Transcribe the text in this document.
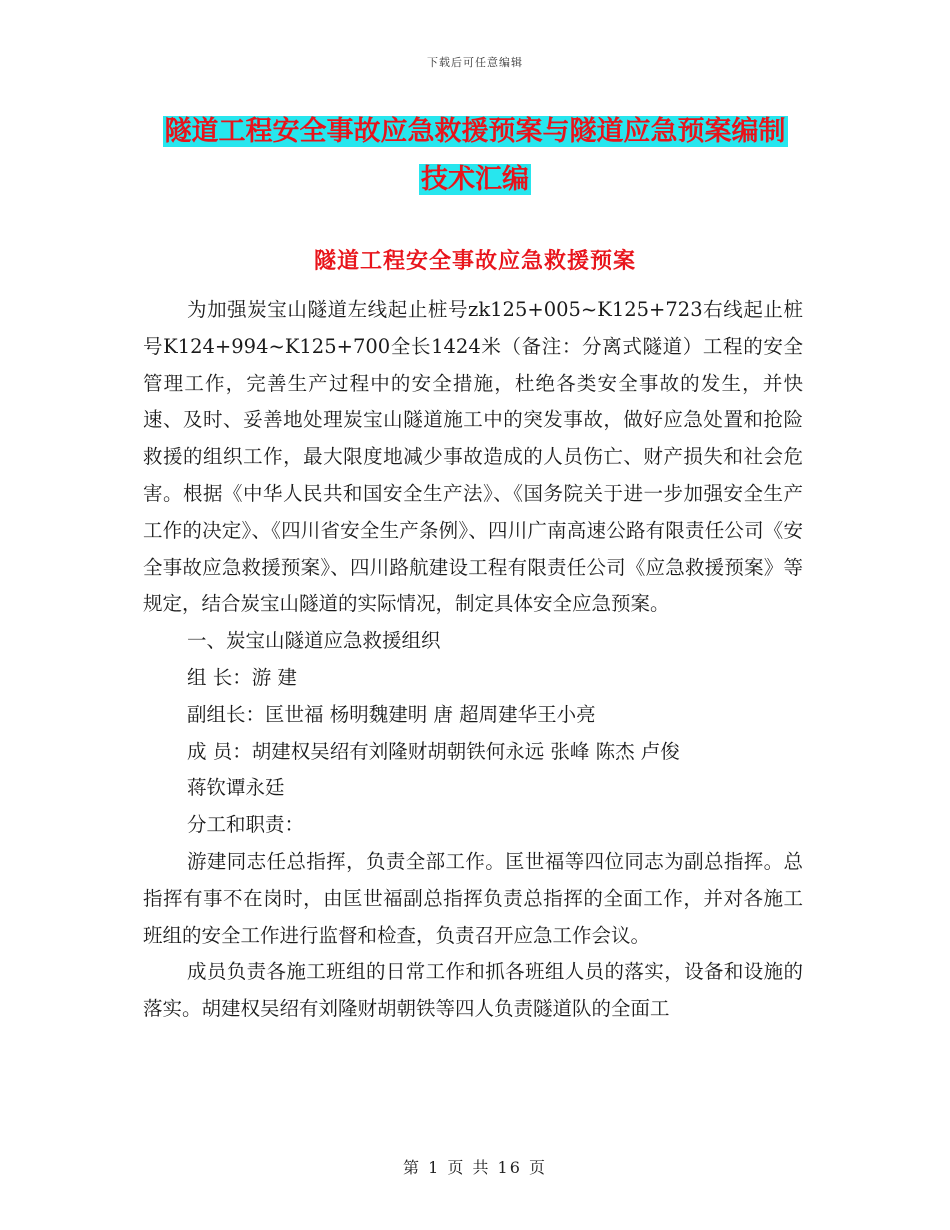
下载后可任意编辑
隧道工程安全事故应急救援预案与隧道应急预案编制
技术汇编
隧道工程安全事故应急救援预案

为加强炭宝山隧道左线起止桩号zk125+005~K125+723右线起止桩号K124+994~K125+700全长1424米（备注：分离式隧道）工程的安全管理工作，完善生产过程中的安全措施，杜绝各类安全事故的发生，并快速、及时、妥善地处理炭宝山隧道施工中的突发事故，做好应急处置和抢险救援的组织工作，最大限度地减少事故造成的人员伤亡、财产损失和社会危害。根据《中华人民共和国安全生产法》、《国务院关于进一步加强安全生产工作的决定》、《四川省安全生产条例》、四川广南高速公路有限责任公司《安全事故应急救援预案》、四川路航建设工程有限责任公司《应急救援预案》等规定，结合炭宝山隧道的实际情况，制定具体安全应急预案。

一、炭宝山隧道应急救援组织

组 长：游 建

副组长：匡世福 杨明魏建明 唐 超周建华王小亮

成 员：胡建权吴绍有刘隆财胡朝铁何永远 张峰 陈杰 卢俊

蒋钦谭永廷

分工和职责：

游建同志任总指挥，负责全部工作。匡世福等四位同志为副总指挥。总指挥有事不在岗时，由匡世福副总指挥负责总指挥的全面工作，并对各施工班组的安全工作进行监督和检查，负责召开应急工作会议。

成员负责各施工班组的日常工作和抓各班组人员的落实，设备和设施的落实。胡建权吴绍有刘隆财胡朝铁等四人负责隧道队的全面工

第 1 页 共 16 页
